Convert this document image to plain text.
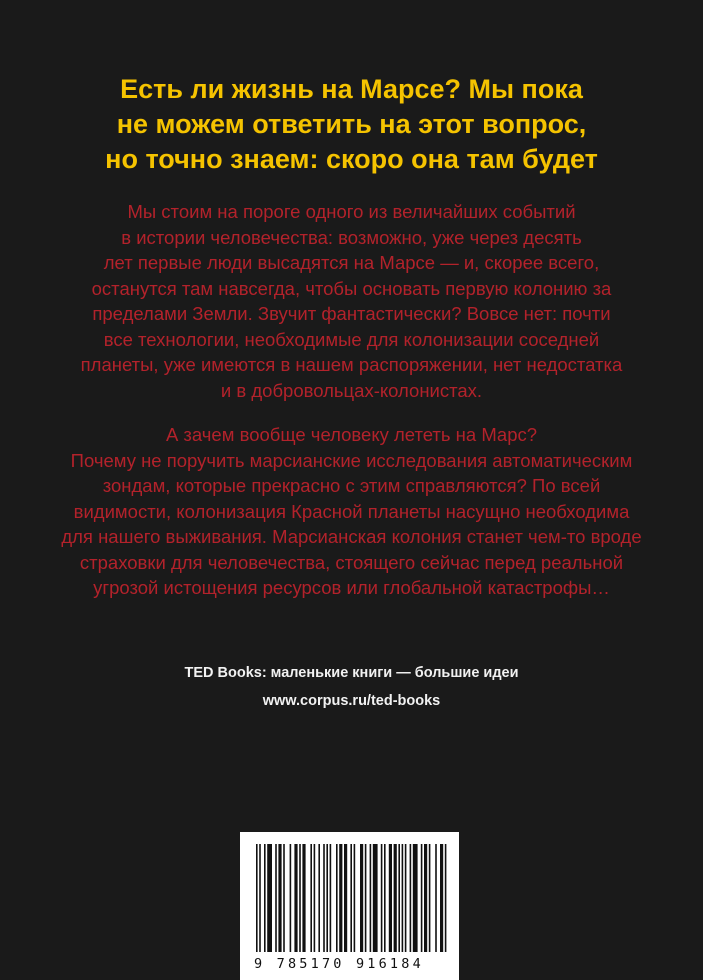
Есть ли жизнь на Марсе? Мы пока
не можем ответить на этот вопрос,
но точно знаем: скоро она там будет

Мы стоим на пороге одного из величайших событий
в истории человечества: возможно, уже через десять
лет первые люди высадятся на Марсе — и, скорее всего,
останутся там навсегда, чтобы основать первую колонию за
пределами Земли. Звучит фантастически? Вовсе нет: почти
все технологии, необходимые для колонизации соседней
планеты, уже имеются в нашем распоряжении, нет недостатка
и в добровольцах-колонистах.

А зачем вообще человеку лететь на Марс?
Почему не поручить марсианские исследования автоматическим
зондам, которые прекрасно с этим справляются? По всей
видимости, колонизация Красной планеты насущно необходима
для нашего выживания. Марсианская колония станет чем-то вроде
страховки для человечества, стоящего сейчас перед реальной
угрозой истощения ресурсов или глобальной катастрофы…

TED Books: маленькие книги — большие идеи

www.corpus.ru/ted-books

9 785170 916184
